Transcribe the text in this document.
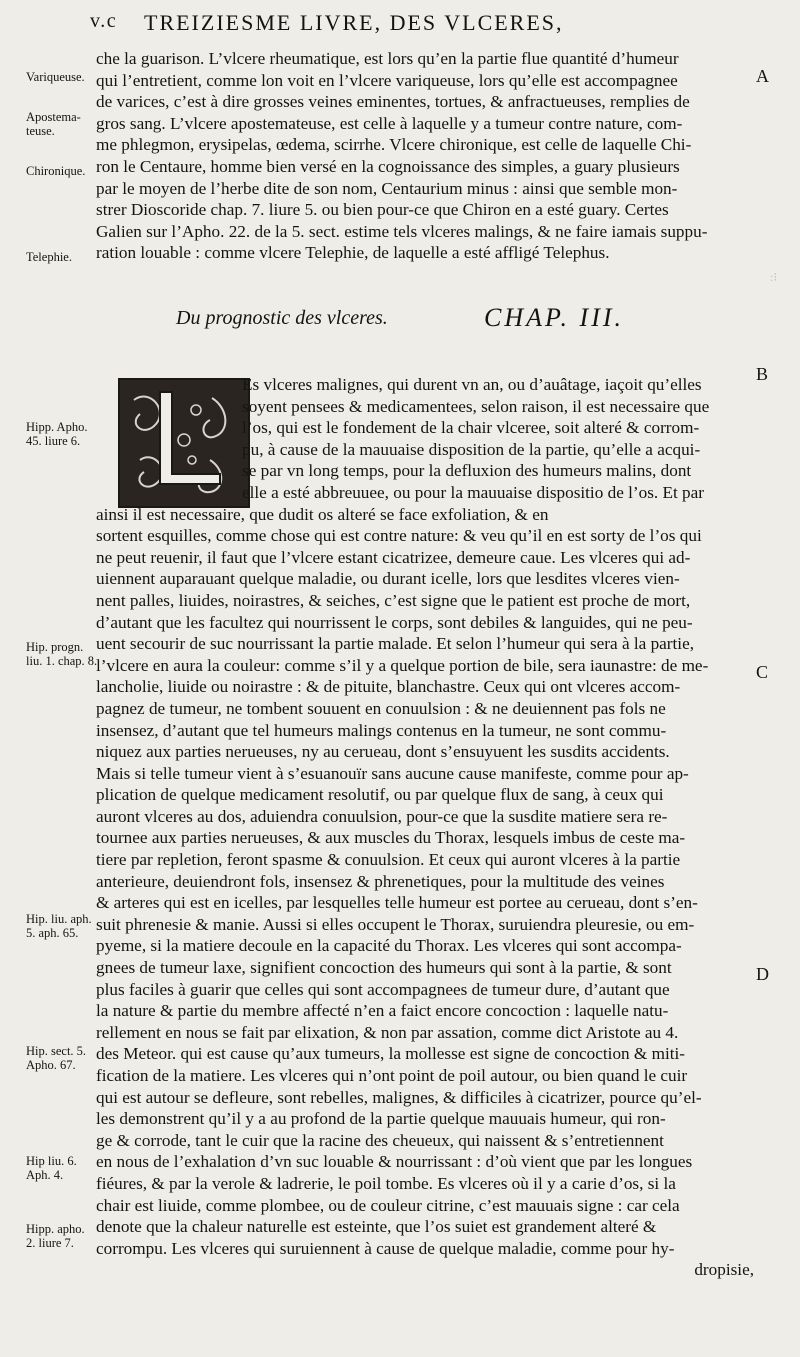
v.c TREIZIESME LIVRE, DES VLCERES,
:⁝
che la guarison. L’vlcere rheumatique, est lors qu’en la partie flue quantité d’humeur
qui l’entretient, comme lon voit en l’vlcere variqueuse, lors qu’elle est accompagnee
de varices, c’est à dire grosses veines eminentes, tortues, & anfractueuses, remplies de
gros sang. L’vlcere apostemateuse, est celle à laquelle y a tumeur contre nature, com-
me phlegmon, erysipelas, œdema, scirrhe. Vlcere chironique, est celle de laquelle Chi-
ron le Centaure, homme bien versé en la cognoissance des simples, a guary plusieurs
par le moyen de l’herbe dite de son nom, Centaurium minus : ainsi que semble mon-
strer Dioscoride chap. 7. liure 5. ou bien pour-ce que Chiron en a esté guary. Certes
Galien sur l’Apho. 22. de la 5. sect. estime tels vlceres malings, & ne faire iamais suppu-
ration louable : comme vlcere Telephie, de laquelle a esté affligé Telephus.
Du prognostic des vlceres.	CHAP. III.
Es vlceres malignes, qui durent vn an, ou d’auâtage, iaçoit qu’elles
soyent pensees & medicamentees, selon raison, il est necessaire que
l’os, qui est le fondement de la chair vlceree, soit alteré & corrom-
pu, à cause de la mauuaise disposition de la partie, qu’elle a acqui-
se par vn long temps, pour la defluxion des humeurs malins, dont
elle a esté abbreuuee, ou pour la mauuaise dispositio de l’os. Et par
ainsi il est necessaire, que dudit os alteré se face exfoliation, & en
sortent esquilles, comme chose qui est contre nature: & veu qu’il en est sorty de l’os qui
ne peut reuenir, il faut que l’vlcere estant cicatrizee, demeure caue. Les vlceres qui ad-
uiennent auparauant quelque maladie, ou durant icelle, lors que lesdites vlceres vien-
nent palles, liuides, noirastres, & seiches, c’est signe que le patient est proche de mort,
d’autant que les facultez qui nourrissent le corps, sont debiles & languides, qui ne peu-
uent secourir de suc nourrissant la partie malade. Et selon l’humeur qui sera à la partie,
l’vlcere en aura la couleur: comme s’il y a quelque portion de bile, sera iaunastre: de me-
lancholie, liuide ou noirastre : & de pituite, blanchastre. Ceux qui ont vlceres accom-
pagnez de tumeur, ne tombent souuent en conuulsion : & ne deuiennent pas fols ne
insensez, d’autant que tel humeurs malings contenus en la tumeur, ne sont commu-
niquez aux parties nerueuses, ny au cerueau, dont s’ensuyuent les susdits accidents.
Mais si telle tumeur vient à s’esuanouïr sans aucune cause manifeste, comme pour ap-
plication de quelque medicament resolutif, ou par quelque flux de sang, à ceux qui
auront vlceres au dos, aduiendra conuulsion, pour-ce que la susdite matiere sera re-
tournee aux parties nerueuses, & aux muscles du Thorax, lesquels imbus de ceste ma-
tiere par repletion, feront spasme & conuulsion. Et ceux qui auront vlceres à la partie
anterieure, deuiendront fols, insensez & phrenetiques, pour la multitude des veines
& arteres qui est en icelles, par lesquelles telle humeur est portee au cerueau, dont s’en-
suit phrenesie & manie. Aussi si elles occupent le Thorax, suruiendra pleuresie, ou em-
pyeme, si la matiere decoule en la capacité du Thorax. Les vlceres qui sont accompa-
gnees de tumeur laxe, signifient concoction des humeurs qui sont à la partie, & sont
plus faciles à guarir que celles qui sont accompagnees de tumeur dure, d’autant que
la nature & partie du membre affecté n’en a faict encore concoction : laquelle natu-
rellement en nous se fait par elixation, & non par assation, comme dict Aristote au 4.
des Meteor. qui est cause qu’aux tumeurs, la mollesse est signe de concoction & miti-
fication de la matiere. Les vlceres qui n’ont point de poil autour, ou bien quand le cuir
qui est autour se defleure, sont rebelles, malignes, & difficiles à cicatrizer, pource qu’el-
les demonstrent qu’il y a au profond de la partie quelque mauuais humeur, qui ron-
ge & corrode, tant le cuir que la racine des cheueux, qui naissent & s’entretiennent
en nous de l’exhalation d’vn suc louable & nourrissant : d’où vient que par les longues
fiéures, & par la verole & ladrerie, le poil tombe. Es vlceres où il y a carie d’os, si la
chair est liuide, comme plombee, ou de couleur citrine, c’est mauuais signe : car cela
denote que la chaleur naturelle est esteinte, que l’os suiet est grandement alteré &
corrompu. Les vlceres qui suruiennent à cause de quelque maladie, comme pour hy-
dropisie,
Variqueuse.
Apostema-
teuse.
Chironique.
Telephie.
Hipp. Apho.
45. liure 6.
Hip. progn.
liu. 1. chap. 8.
Hip. liu. aph.
5. aph. 65.
Hip. sect. 5.
Apho. 67.
Hip liu. 6.
Aph. 4.
Hipp. apho.
2. liure 7.
A
B
C
D
